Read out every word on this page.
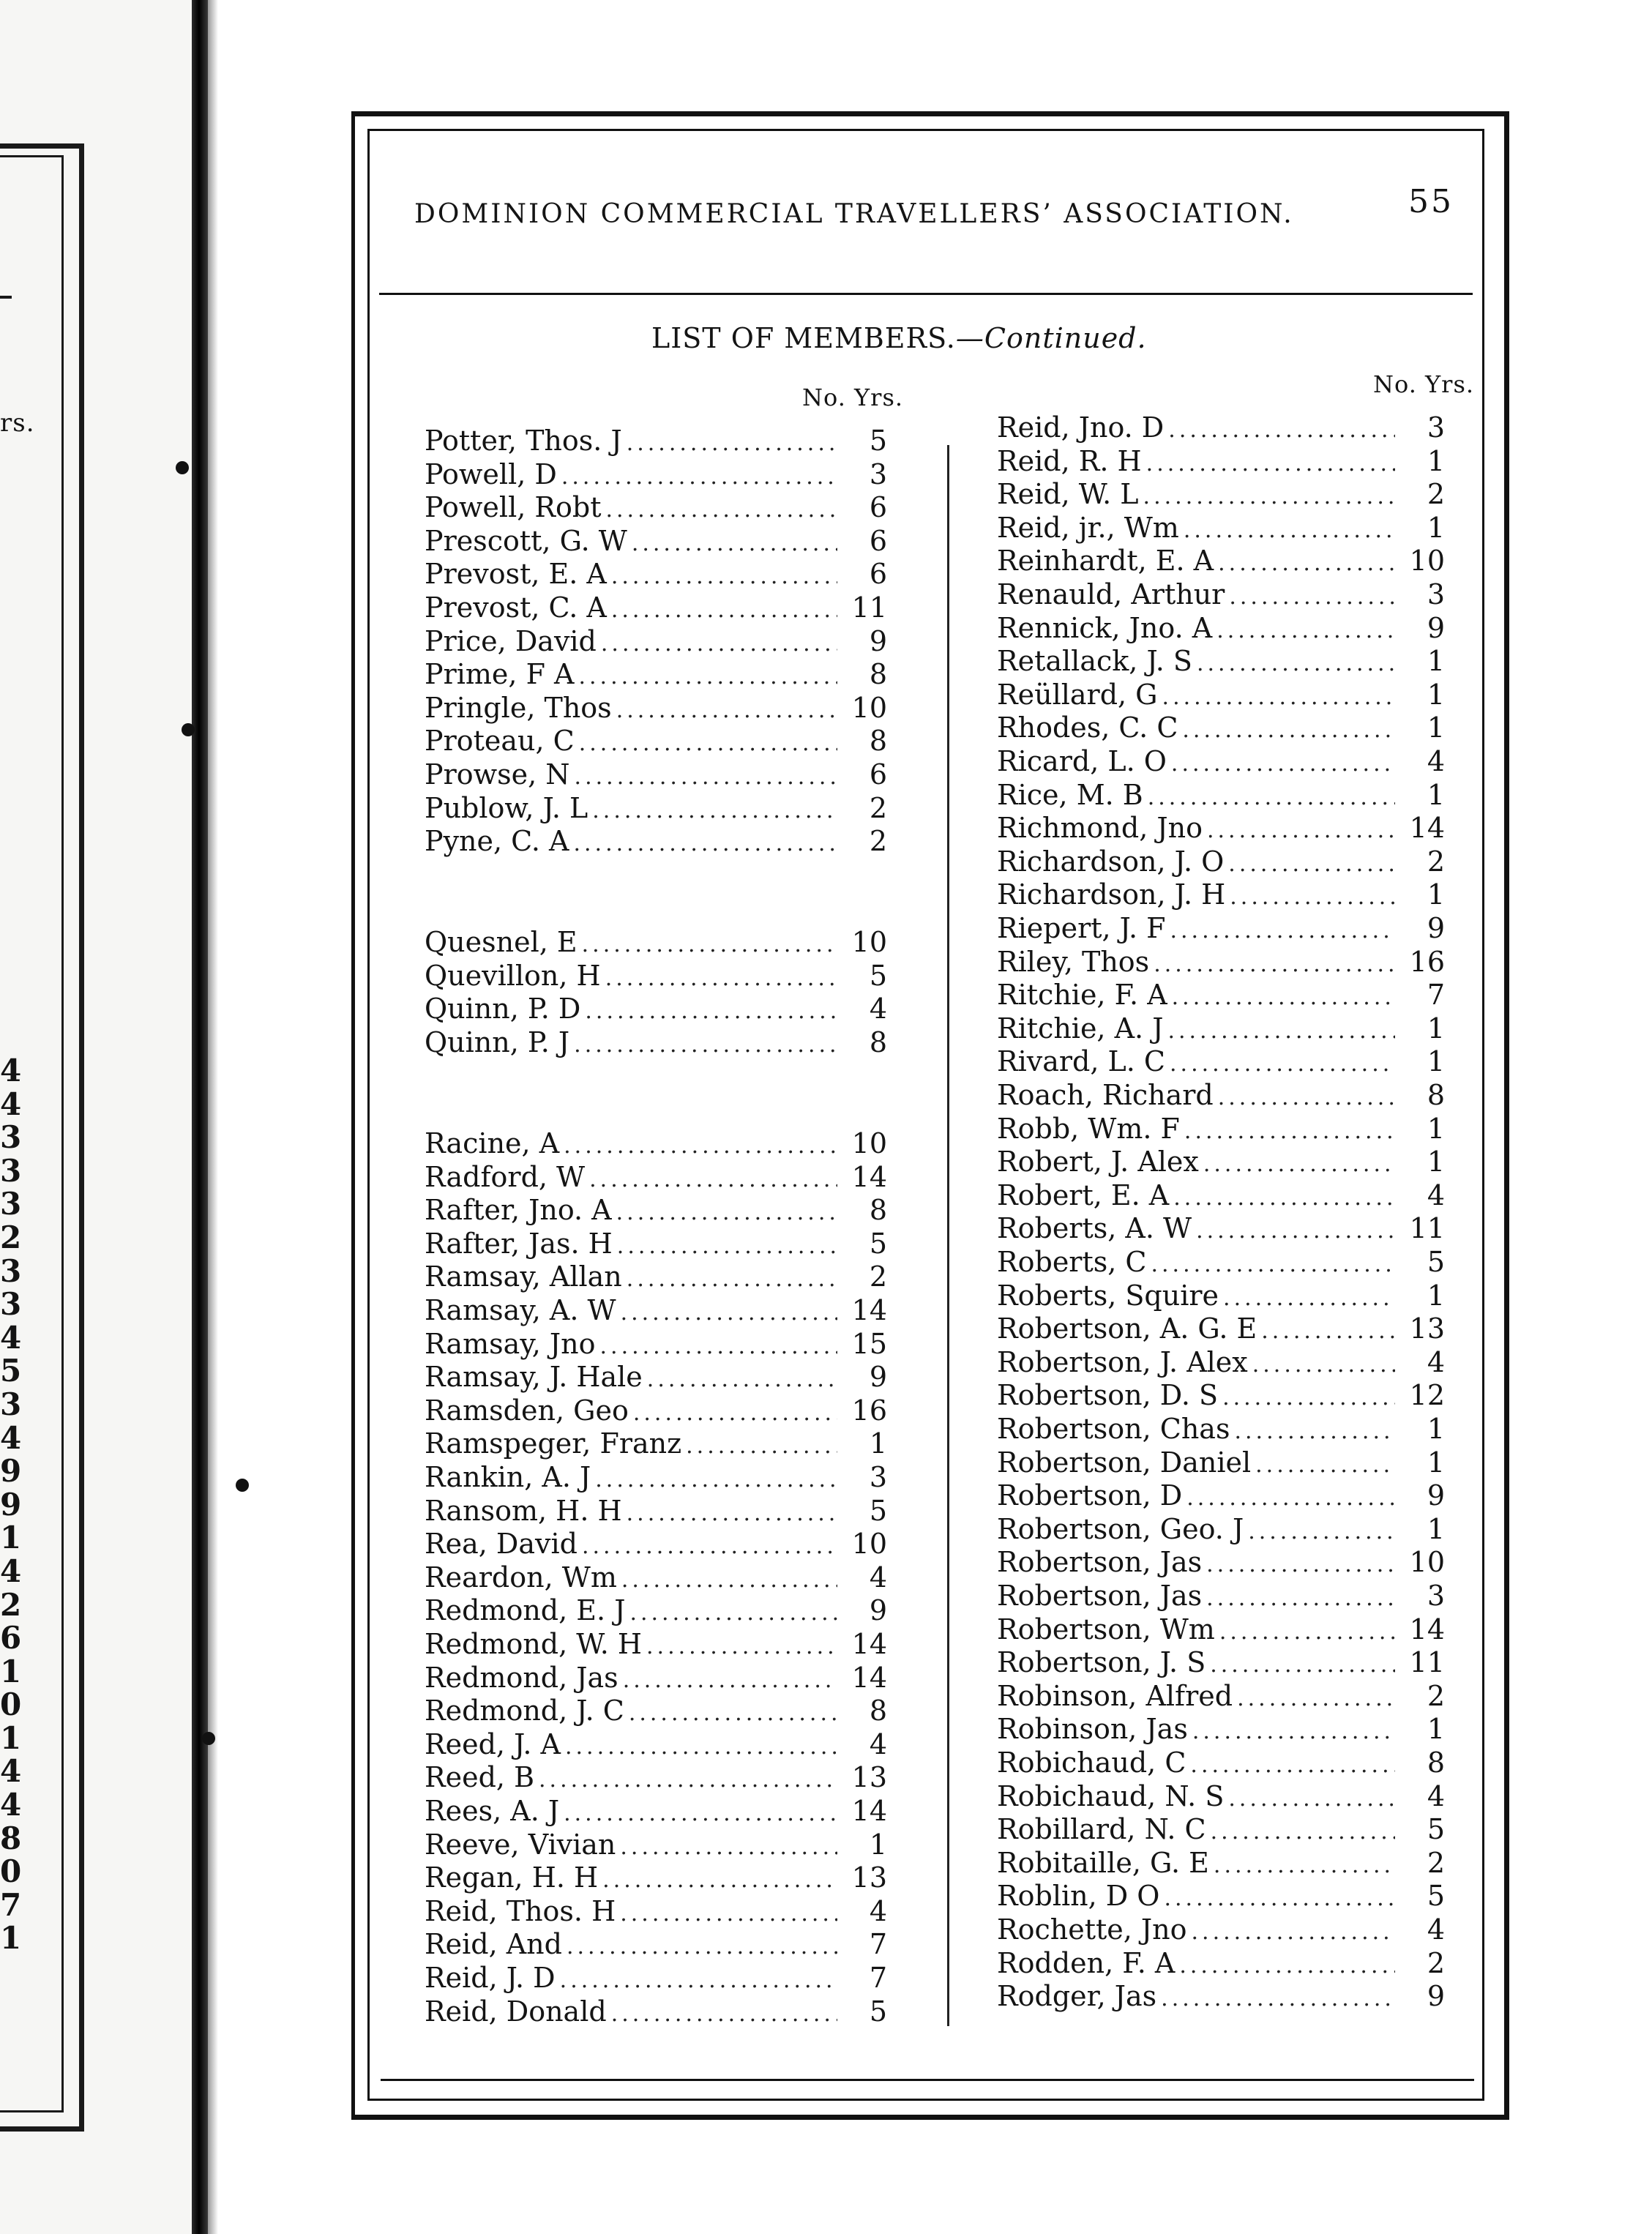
rs.
4
4
3
3
3
2
3
3
4
5
3
4
9
9
1
4
2
6
1
0
1
4
4
8
0
7
1
DOMINION COMMERCIAL TRAVELLERS’ ASSOCIATION.	55
LIST OF MEMBERS.—Continued.
No. Yrs.	No. Yrs.
Potter, Thos. J .....	5
Powell, D .....	3
Powell, Robt .....	6
Prescott, G. W .....	6
Prevost, E. A .....	6
Prevost, C. A .....	11
Price, David .....	9
Prime, F A .....	8
Pringle, Thos .....	10
Proteau, C .....	8
Prowse, N .....	6
Publow, J. L .....	2
Pyne, C. A .....	2
Quesnel, E .....	10
Quevillon, H .....	5
Quinn, P. D .....	4
Quinn, P. J .....	8
Racine, A .....	10
Radford, W .....	14
Rafter, Jno. A .....	8
Rafter, Jas. H .....	5
Ramsay, Allan .....	2
Ramsay, A. W .....	14
Ramsay, Jno .....	15
Ramsay, J. Hale .....	9
Ramsden, Geo .....	16
Ramspeger, Franz .....	1
Rankin, A. J .....	3
Ransom, H. H .....	5
Rea, David .....	10
Reardon, Wm .....	4
Redmond, E. J .....	9
Redmond, W. H .....	14
Redmond, Jas .....	14
Redmond, J. C .....	8
Reed, J. A .....	4
Reed, B .....	13
Rees, A. J .....	14
Reeve, Vivian .....	1
Regan, H. H .....	13
Reid, Thos. H .....	4
Reid, And .....	7
Reid, J. D .....	7
Reid, Donald .....	5
Reid, Jno. D .....	3
Reid, R. H .....	1
Reid, W. L .....	2
Reid, jr., Wm .....	1
Reinhardt, E. A .....	10
Renauld, Arthur .....	3
Rennick, Jno. A .....	9
Retallack, J. S .....	1
Reüllard, G .....	1
Rhodes, C. C .....	1
Ricard, L. O .....	4
Rice, M. B .....	1
Richmond, Jno .....	14
Richardson, J. O .....	2
Richardson, J. H .....	1
Riepert, J. F .....	9
Riley, Thos .....	16
Ritchie, F. A .....	7
Ritchie, A. J .....	1
Rivard, L. C .....	1
Roach, Richard .....	8
Robb, Wm. F .....	1
Robert, J. Alex .....	1
Robert, E. A .....	4
Roberts, A. W .....	11
Roberts, C .....	5
Roberts, Squire .....	1
Robertson, A. G. E .....	13
Robertson, J. Alex .....	4
Robertson, D. S .....	12
Robertson, Chas .....	1
Robertson, Daniel .....	1
Robertson, D .....	9
Robertson, Geo. J .....	1
Robertson, Jas .....	10
Robertson, Jas .....	3
Robertson, Wm .....	14
Robertson, J. S .....	11
Robinson, Alfred .....	2
Robinson, Jas .....	1
Robichaud, C .....	8
Robichaud, N. S .....	4
Robillard, N. C .....	5
Robitaille, G. E .....	2
Roblin, D O .....	5
Rochette, Jno .....	4
Rodden, F. A .....	2
Rodger, Jas .....	9
